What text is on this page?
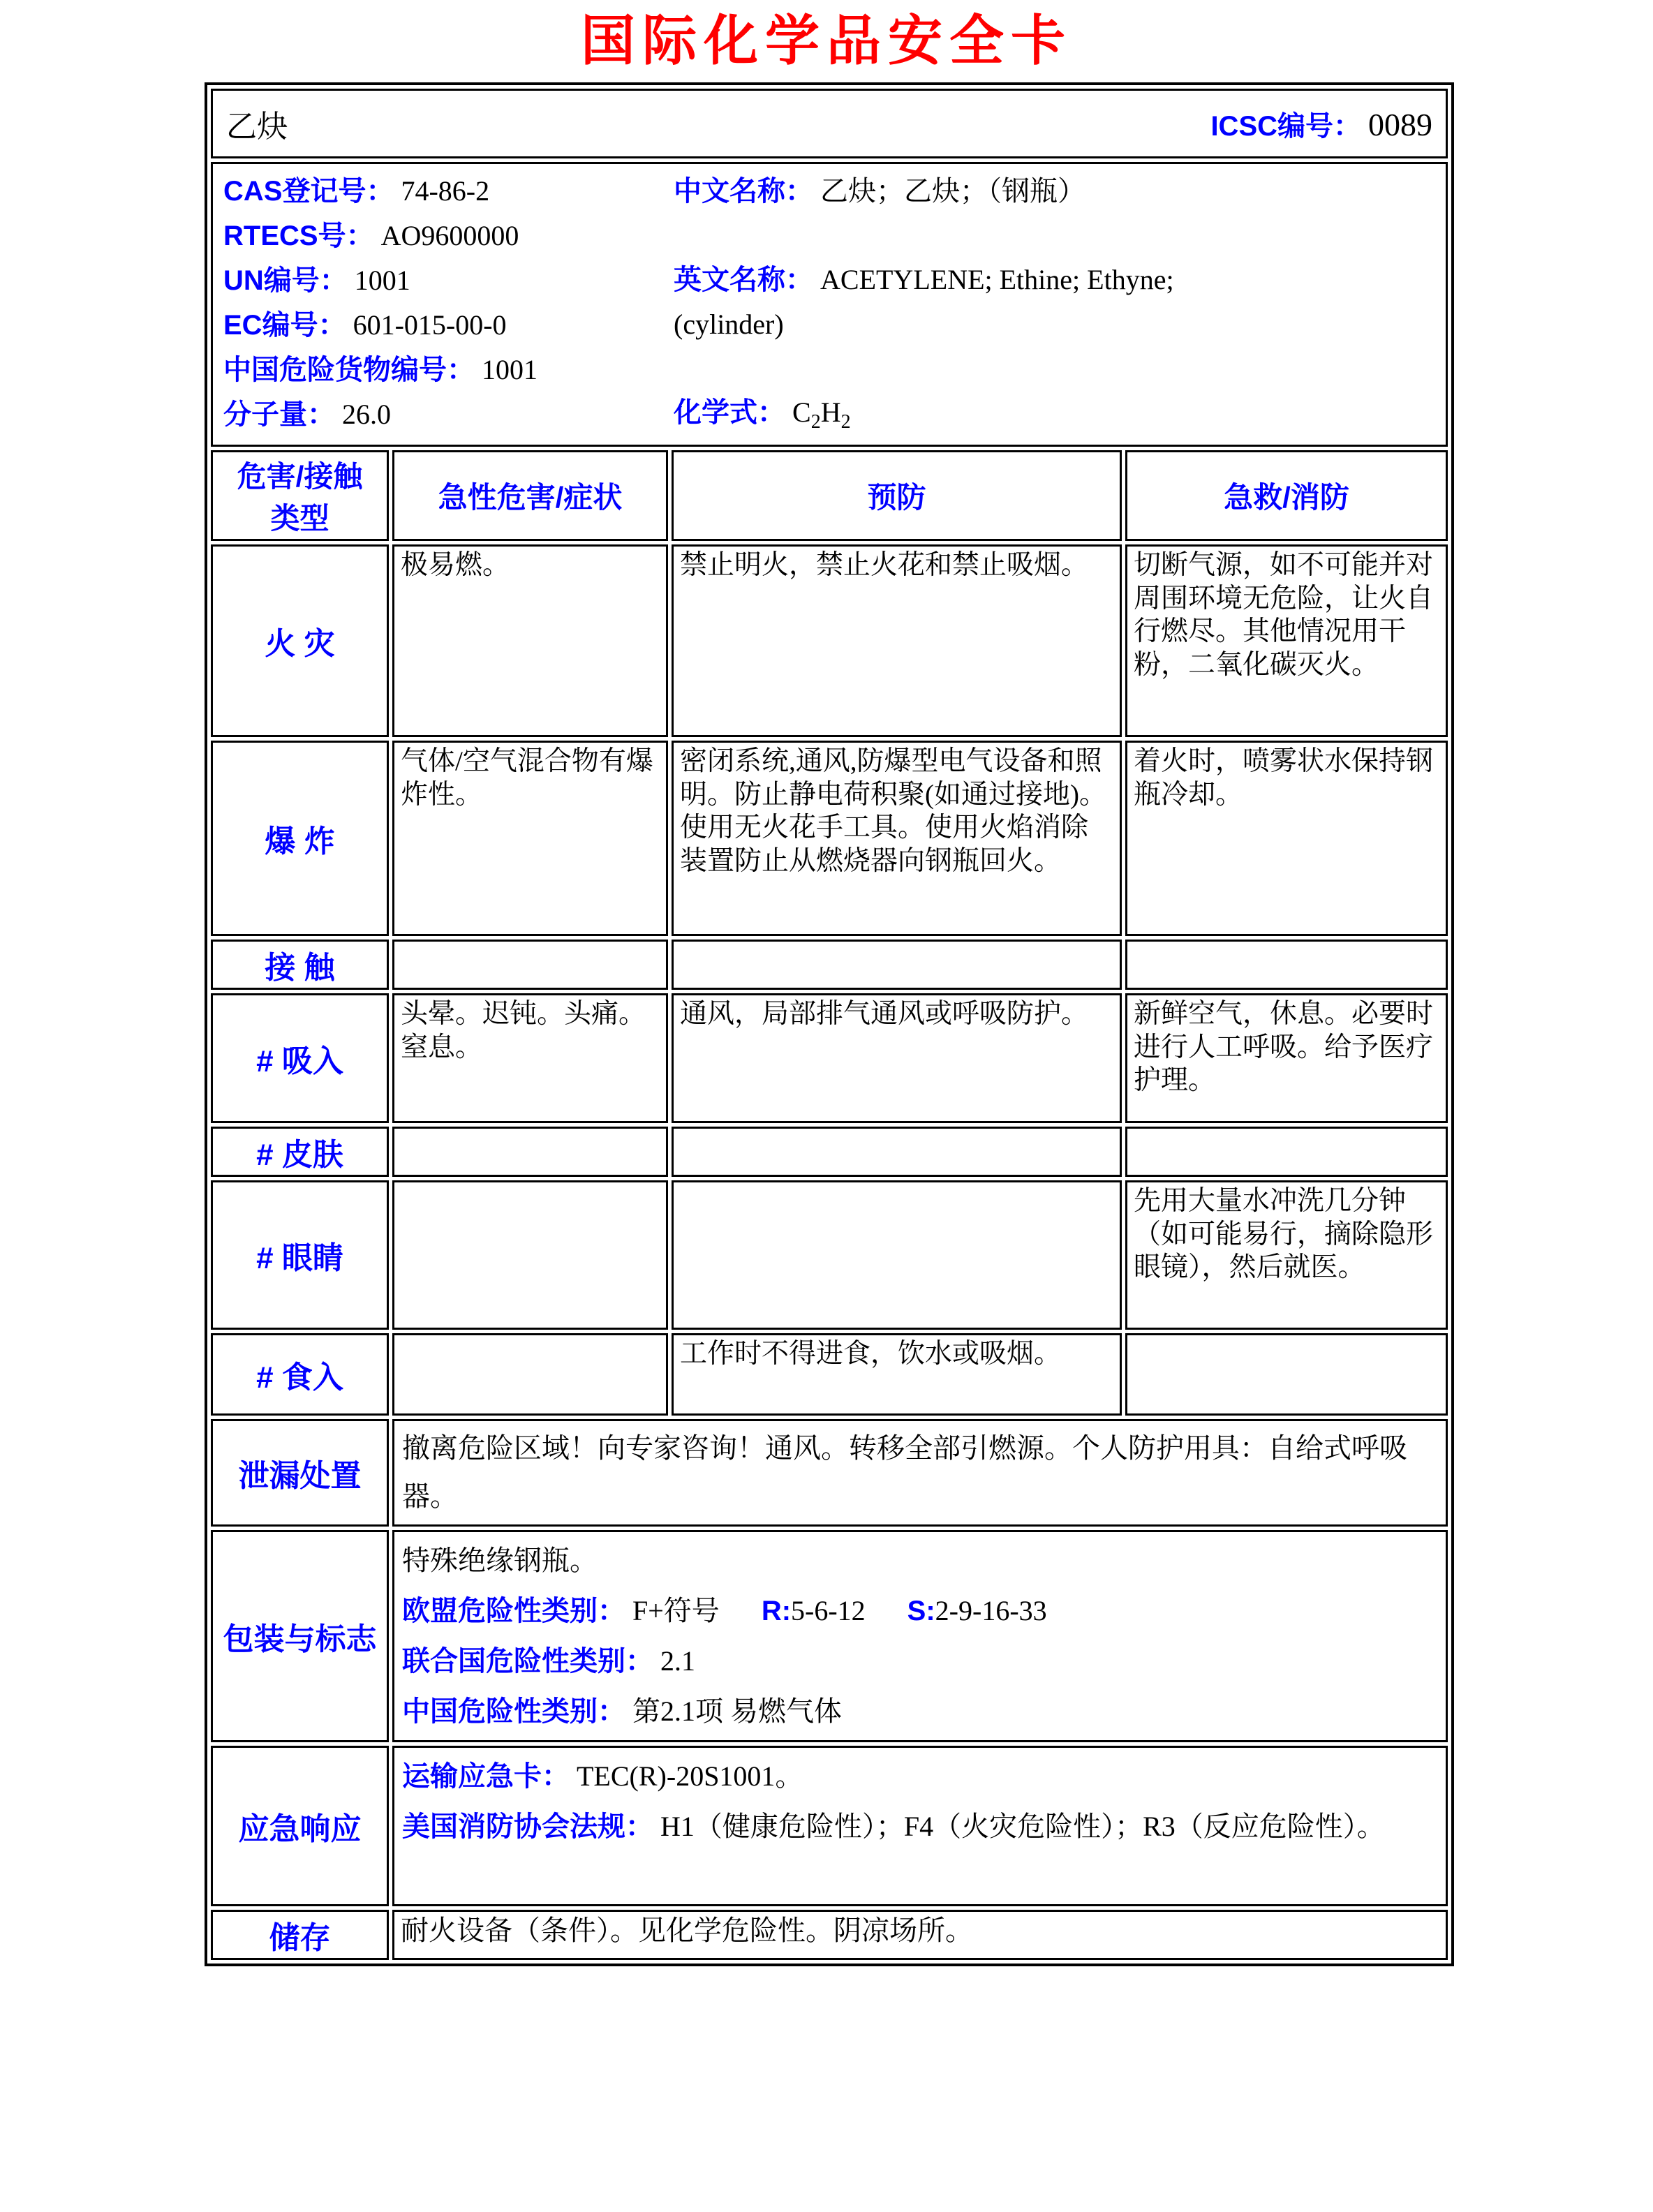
国际化学品安全卡
乙炔 ICSC编号： 0089			

CAS登记号： 74-86-2
RTECS号： AO9600000
UN编号： 1001
EC编号： 601-015-00-0
中国危险货物编号： 1001
分子量： 26.0
中文名称： 乙炔；乙炔；（钢瓶）

英文名称： ACETYLENE; Ethine; Ethyne;
(cylinder)

化学式： $C_2H_2$

危害/接触
类型	急性危害/症状	预防	急救/消防
火 灾	极易燃。	禁止明火，禁止火花和禁止吸烟。	切断气源，如不可能并对周围环境无危险，让火自行燃尽。其他情况用干粉，二氧化碳灭火。

爆 炸	气体/空气混合物有爆炸性。	密闭系统,通风,防爆型电气设备和照明。防止静电荷积聚(如通过接地)。使用无火花手工具。使用火焰消除装置防止从燃烧器向钢瓶回火。	着火时，喷雾状水保持钢瓶冷却。

接 触	

# 吸入	头晕。迟钝。头痛。窒息。	通风，局部排气通风或呼吸防护。	新鲜空气，休息。必要时进行人工呼吸。给予医疗护理。

# 皮肤	

# 眼睛			先用大量水冲洗几分钟（如可能易行，摘除隐形眼镜），然后就医。

# 食入		工作时不得进食，饮水或吸烟。	

泄漏处置	撤离危险区域！向专家咨询！通风。转移全部引燃源。个人防护用具：自给式呼吸器。		

包装与标志	特殊绝缘钢瓶。
欧盟危险性类别： F+符号 R:5-6-12 S:2-9-16-33
联合国危险性类别： 2.1
中国危险性类别： 第2.1项 易燃气体		

应急响应	运输应急卡： TEC(R)-20S1001。
美国消防协会法规： H1（健康危险性）；F4（火灾危险性）；R3（反应危险性）。		

储存	耐火设备（条件）。见化学危险性。阴凉场所。		
